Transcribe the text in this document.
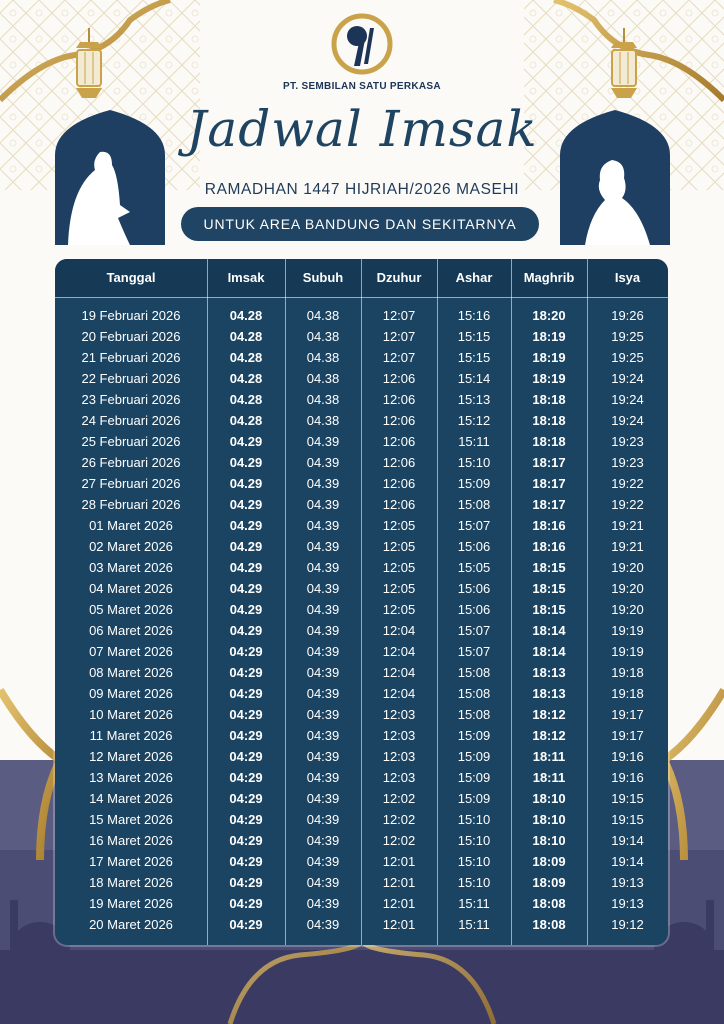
PT. SEMBILAN SATU PERKASA
Jadwal Imsak
RAMADHAN 1447 HIJRIAH/2026 MASEHI
UNTUK AREA BANDUNG DAN SEKITARNYA
Tanggal	Imsak	Subuh	Dzuhur	Ashar	Maghrib	Isya
19 Februari 2026	04.28	04.38	12:07	15:16	18:20	19:26
20 Februari 2026	04.28	04.38	12:07	15:15	18:19	19:25
21 Februari 2026	04.28	04.38	12:07	15:15	18:19	19:25
22 Februari 2026	04.28	04.38	12:06	15:14	18:19	19:24
23 Februari 2026	04.28	04.38	12:06	15:13	18:18	19:24
24 Februari 2026	04.28	04.38	12:06	15:12	18:18	19:24
25 Februari 2026	04.29	04.39	12:06	15:11	18:18	19:23
26 Februari 2026	04.29	04.39	12:06	15:10	18:17	19:23
27 Februari 2026	04.29	04.39	12:06	15:09	18:17	19:22
28 Februari 2026	04.29	04.39	12:06	15:08	18:17	19:22
01 Maret 2026	04.29	04.39	12:05	15:07	18:16	19:21
02 Maret 2026	04.29	04.39	12:05	15:06	18:16	19:21
03 Maret 2026	04.29	04.39	12:05	15:05	18:15	19:20
04 Maret 2026	04.29	04.39	12:05	15:06	18:15	19:20
05 Maret 2026	04.29	04.39	12:05	15:06	18:15	19:20
06 Maret 2026	04.29	04.39	12:04	15:07	18:14	19:19
07 Maret 2026	04:29	04:39	12:04	15:07	18:14	19:19
08 Maret 2026	04:29	04:39	12:04	15:08	18:13	19:18
09 Maret 2026	04:29	04:39	12:04	15:08	18:13	19:18
10 Maret 2026	04:29	04:39	12:03	15:08	18:12	19:17
11 Maret 2026	04:29	04:39	12:03	15:09	18:12	19:17
12 Maret 2026	04:29	04:39	12:03	15:09	18:11	19:16
13 Maret 2026	04:29	04:39	12:03	15:09	18:11	19:16
14 Maret 2026	04:29	04:39	12:02	15:09	18:10	19:15
15 Maret 2026	04:29	04:39	12:02	15:10	18:10	19:15
16 Maret 2026	04:29	04:39	12:02	15:10	18:10	19:14
17 Maret 2026	04:29	04:39	12:01	15:10	18:09	19:14
18 Maret 2026	04:29	04:39	12:01	15:10	18:09	19:13
19 Maret 2026	04:29	04:39	12:01	15:11	18:08	19:13
20 Maret 2026	04:29	04:39	12:01	15:11	18:08	19:12
